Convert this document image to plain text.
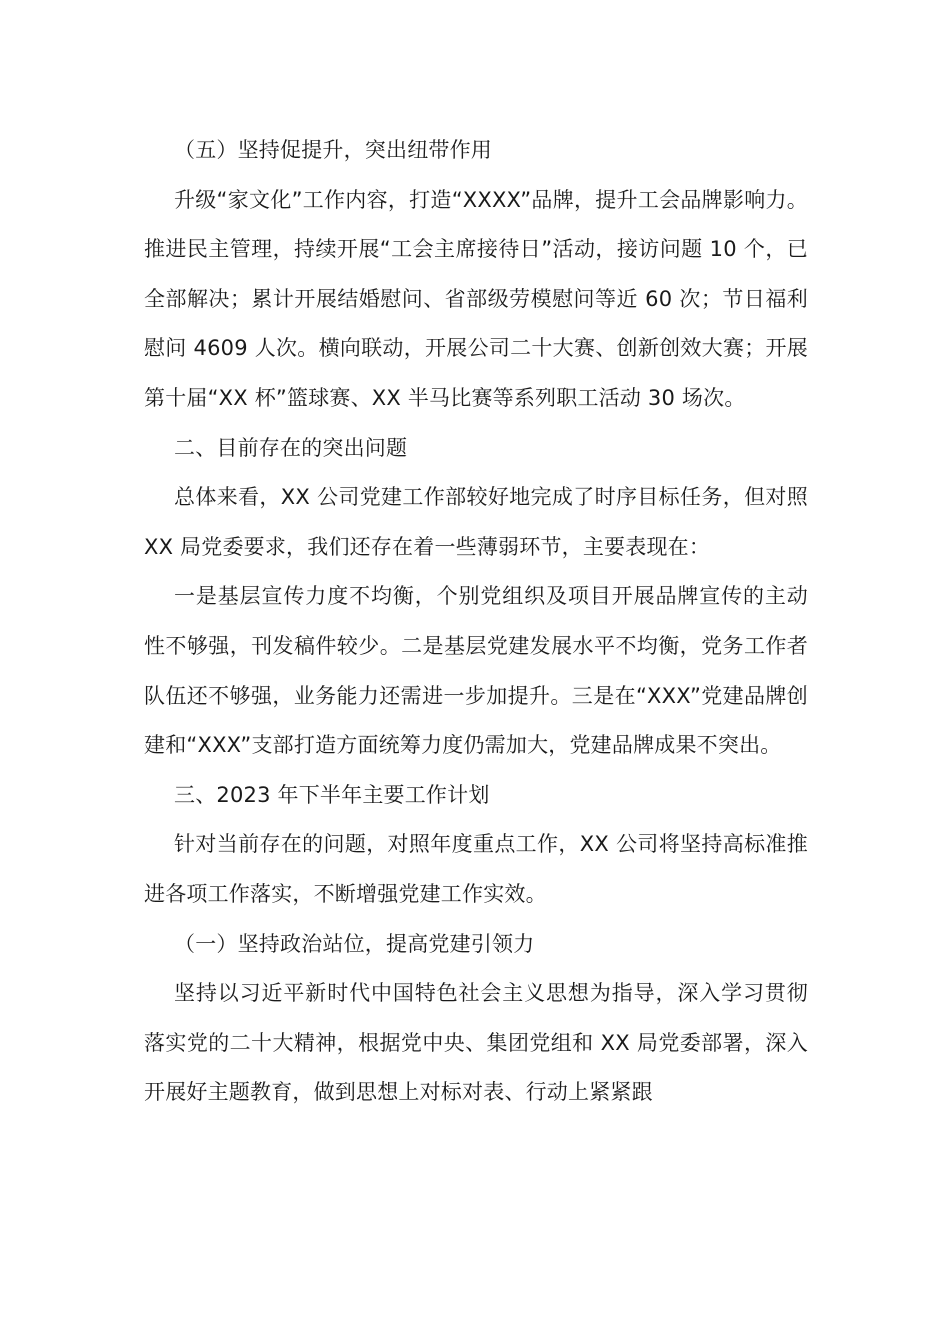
（五）坚持促提升，突出纽带作用

升级“家文化”工作内容，打造“XXXX”品牌，提升工会品牌影响力。推进民主管理，持续开展“工会主席接待日”活动，接访问题 10 个，已全部解决；累计开展结婚慰问、省部级劳模慰问等近 60 次；节日福利慰问 4609 人次。横向联动，开展公司二十大赛、创新创效大赛；开展第十届“XX 杯”篮球赛、XX 半马比赛等系列职工活动 30 场次。

二、目前存在的突出问题

总体来看，XX 公司党建工作部较好地完成了时序目标任务，但对照 XX 局党委要求，我们还存在着一些薄弱环节，主要表现在：

一是基层宣传力度不均衡，个别党组织及项目开展品牌宣传的主动性不够强，刊发稿件较少。二是基层党建发展水平不均衡，党务工作者队伍还不够强，业务能力还需进一步加提升。三是在“XXX”党建品牌创建和“XXX”支部打造方面统筹力度仍需加大，党建品牌成果不突出。

三、2023 年下半年主要工作计划

针对当前存在的问题，对照年度重点工作，XX 公司将坚持高标准推进各项工作落实，不断增强党建工作实效。

（一）坚持政治站位，提高党建引领力

坚持以习近平新时代中国特色社会主义思想为指导，深入学习贯彻落实党的二十大精神，根据党中央、集团党组和 XX 局党委部署，深入开展好主题教育，做到思想上对标对表、行动上紧紧跟
